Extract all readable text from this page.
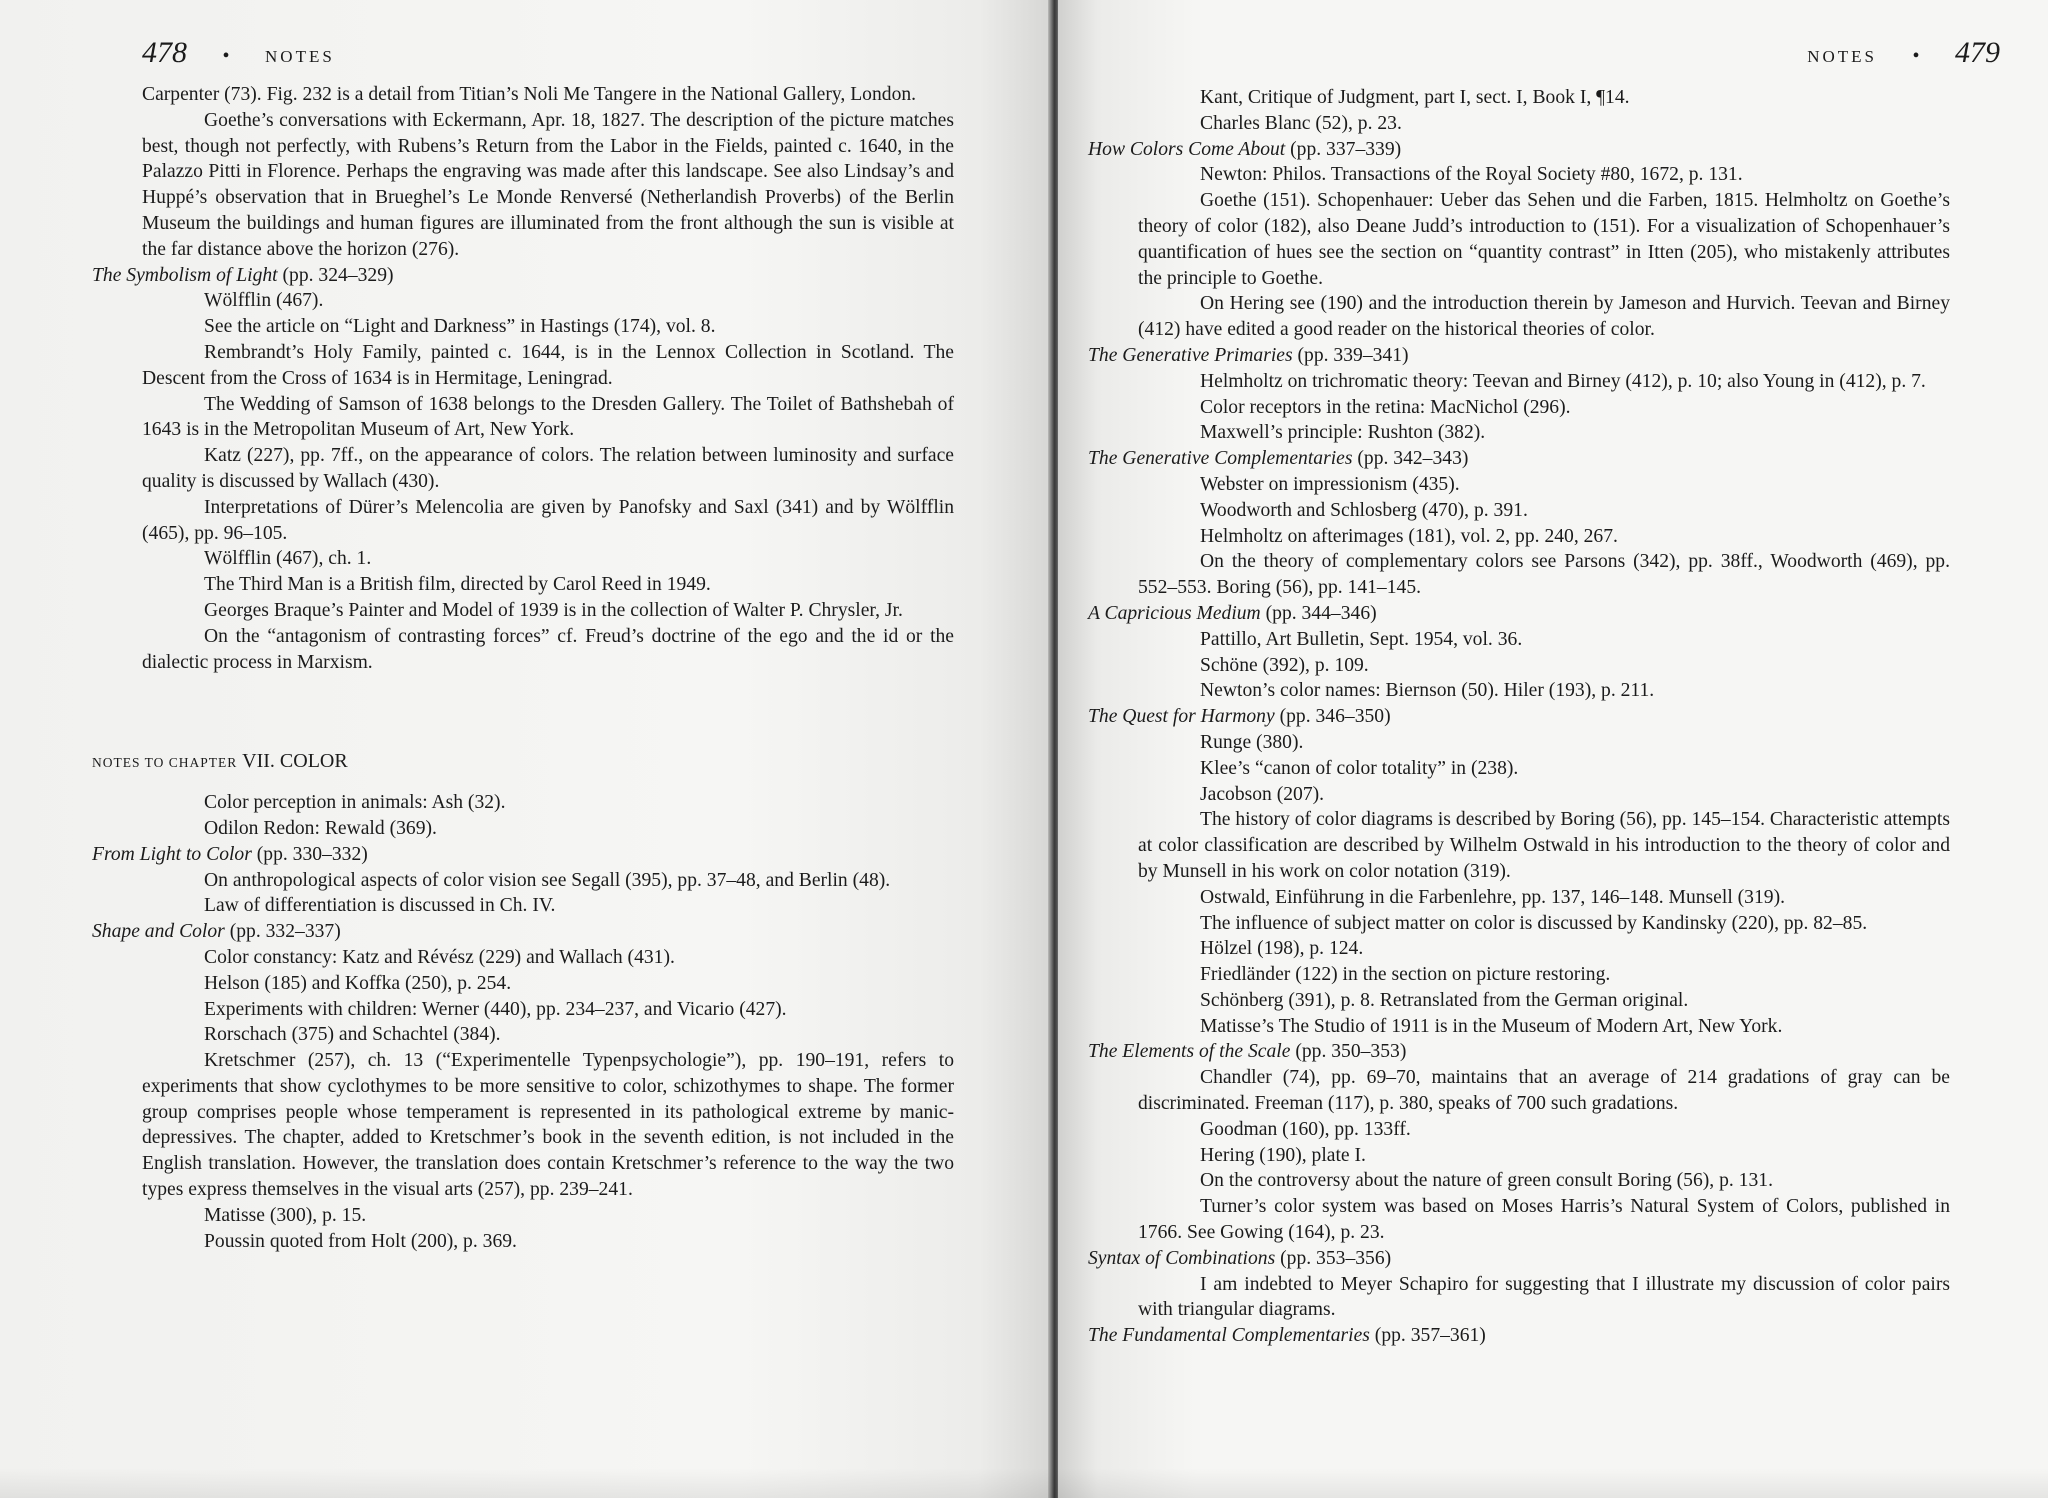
478 • NOTES
Carpenter (73). Fig. 232 is a detail from Titian’s Noli Me Tangere in the National Gallery, London.
Goethe’s conversations with Eckermann, Apr. 18, 1827. The description of the picture matches best, though not perfectly, with Rubens’s Return from the Labor in the Fields, painted c. 1640, in the Palazzo Pitti in Florence. Perhaps the engraving was made after this landscape. See also Lindsay’s and Huppé’s observation that in Brueghel’s Le Monde Renversé (Netherlandish Proverbs) of the Berlin Museum the buildings and human figures are illuminated from the front although the sun is visible at the far distance above the horizon (276).
The Symbolism of Light (pp. 324–329)
Wölfflin (467).
See the article on “Light and Darkness” in Hastings (174), vol. 8.
Rembrandt’s Holy Family, painted c. 1644, is in the Lennox Collection in Scotland. The Descent from the Cross of 1634 is in Hermitage, Leningrad.
The Wedding of Samson of 1638 belongs to the Dresden Gallery. The Toilet of Bathshebah of 1643 is in the Metropolitan Museum of Art, New York.
Katz (227), pp. 7ff., on the appearance of colors. The relation between luminosity and surface quality is discussed by Wallach (430).
Interpretations of Dürer’s Melencolia are given by Panofsky and Saxl (341) and by Wölfflin (465), pp. 96–105.
Wölfflin (467), ch. 1.
The Third Man is a British film, directed by Carol Reed in 1949.
Georges Braque’s Painter and Model of 1939 is in the collection of Walter P. Chrysler, Jr.
On the “antagonism of contrasting forces” cf. Freud’s doctrine of the ego and the id or the dialectic process in Marxism.
NOTES TO CHAPTER VII. COLOR
Color perception in animals: Ash (32).
Odilon Redon: Rewald (369).
From Light to Color (pp. 330–332)
On anthropological aspects of color vision see Segall (395), pp. 37–48, and Berlin (48).
Law of differentiation is discussed in Ch. IV.
Shape and Color (pp. 332–337)
Color constancy: Katz and Révész (229) and Wallach (431).
Helson (185) and Koffka (250), p. 254.
Experiments with children: Werner (440), pp. 234–237, and Vicario (427).
Rorschach (375) and Schachtel (384).
Kretschmer (257), ch. 13 (“Experimentelle Typenpsychologie”), pp. 190–191, refers to experiments that show cyclothymes to be more sensitive to color, schizothymes to shape. The former group comprises people whose temperament is represented in its pathological extreme by manic-depressives. The chapter, added to Kretschmer’s book in the seventh edition, is not included in the English translation. However, the translation does contain Kretschmer’s reference to the way the two types express themselves in the visual arts (257), pp. 239–241.
Matisse (300), p. 15.
Poussin quoted from Holt (200), p. 369.
NOTES • 479
Kant, Critique of Judgment, part I, sect. I, Book I, ¶14.
Charles Blanc (52), p. 23.
How Colors Come About (pp. 337–339)
Newton: Philos. Transactions of the Royal Society #80, 1672, p. 131.
Goethe (151). Schopenhauer: Ueber das Sehen und die Farben, 1815. Helmholtz on Goethe’s theory of color (182), also Deane Judd’s introduction to (151). For a visualization of Schopenhauer’s quantification of hues see the section on “quantity contrast” in Itten (205), who mistakenly attributes the principle to Goethe.
On Hering see (190) and the introduction therein by Jameson and Hurvich. Teevan and Birney (412) have edited a good reader on the historical theories of color.
The Generative Primaries (pp. 339–341)
Helmholtz on trichromatic theory: Teevan and Birney (412), p. 10; also Young in (412), p. 7.
Color receptors in the retina: MacNichol (296).
Maxwell’s principle: Rushton (382).
The Generative Complementaries (pp. 342–343)
Webster on impressionism (435).
Woodworth and Schlosberg (470), p. 391.
Helmholtz on afterimages (181), vol. 2, pp. 240, 267.
On the theory of complementary colors see Parsons (342), pp. 38ff., Woodworth (469), pp. 552–553. Boring (56), pp. 141–145.
A Capricious Medium (pp. 344–346)
Pattillo, Art Bulletin, Sept. 1954, vol. 36.
Schöne (392), p. 109.
Newton’s color names: Biernson (50). Hiler (193), p. 211.
The Quest for Harmony (pp. 346–350)
Runge (380).
Klee’s “canon of color totality” in (238).
Jacobson (207).
The history of color diagrams is described by Boring (56), pp. 145–154. Characteristic attempts at color classification are described by Wilhelm Ostwald in his introduction to the theory of color and by Munsell in his work on color notation (319).
Ostwald, Einführung in die Farbenlehre, pp. 137, 146–148. Munsell (319).
The influence of subject matter on color is discussed by Kandinsky (220), pp. 82–85.
Hölzel (198), p. 124.
Friedländer (122) in the section on picture restoring.
Schönberg (391), p. 8. Retranslated from the German original.
Matisse’s The Studio of 1911 is in the Museum of Modern Art, New York.
The Elements of the Scale (pp. 350–353)
Chandler (74), pp. 69–70, maintains that an average of 214 gradations of gray can be discriminated. Freeman (117), p. 380, speaks of 700 such gradations.
Goodman (160), pp. 133ff.
Hering (190), plate I.
On the controversy about the nature of green consult Boring (56), p. 131.
Turner’s color system was based on Moses Harris’s Natural System of Colors, published in 1766. See Gowing (164), p. 23.
Syntax of Combinations (pp. 353–356)
I am indebted to Meyer Schapiro for suggesting that I illustrate my discussion of color pairs with triangular diagrams.
The Fundamental Complementaries (pp. 357–361)
